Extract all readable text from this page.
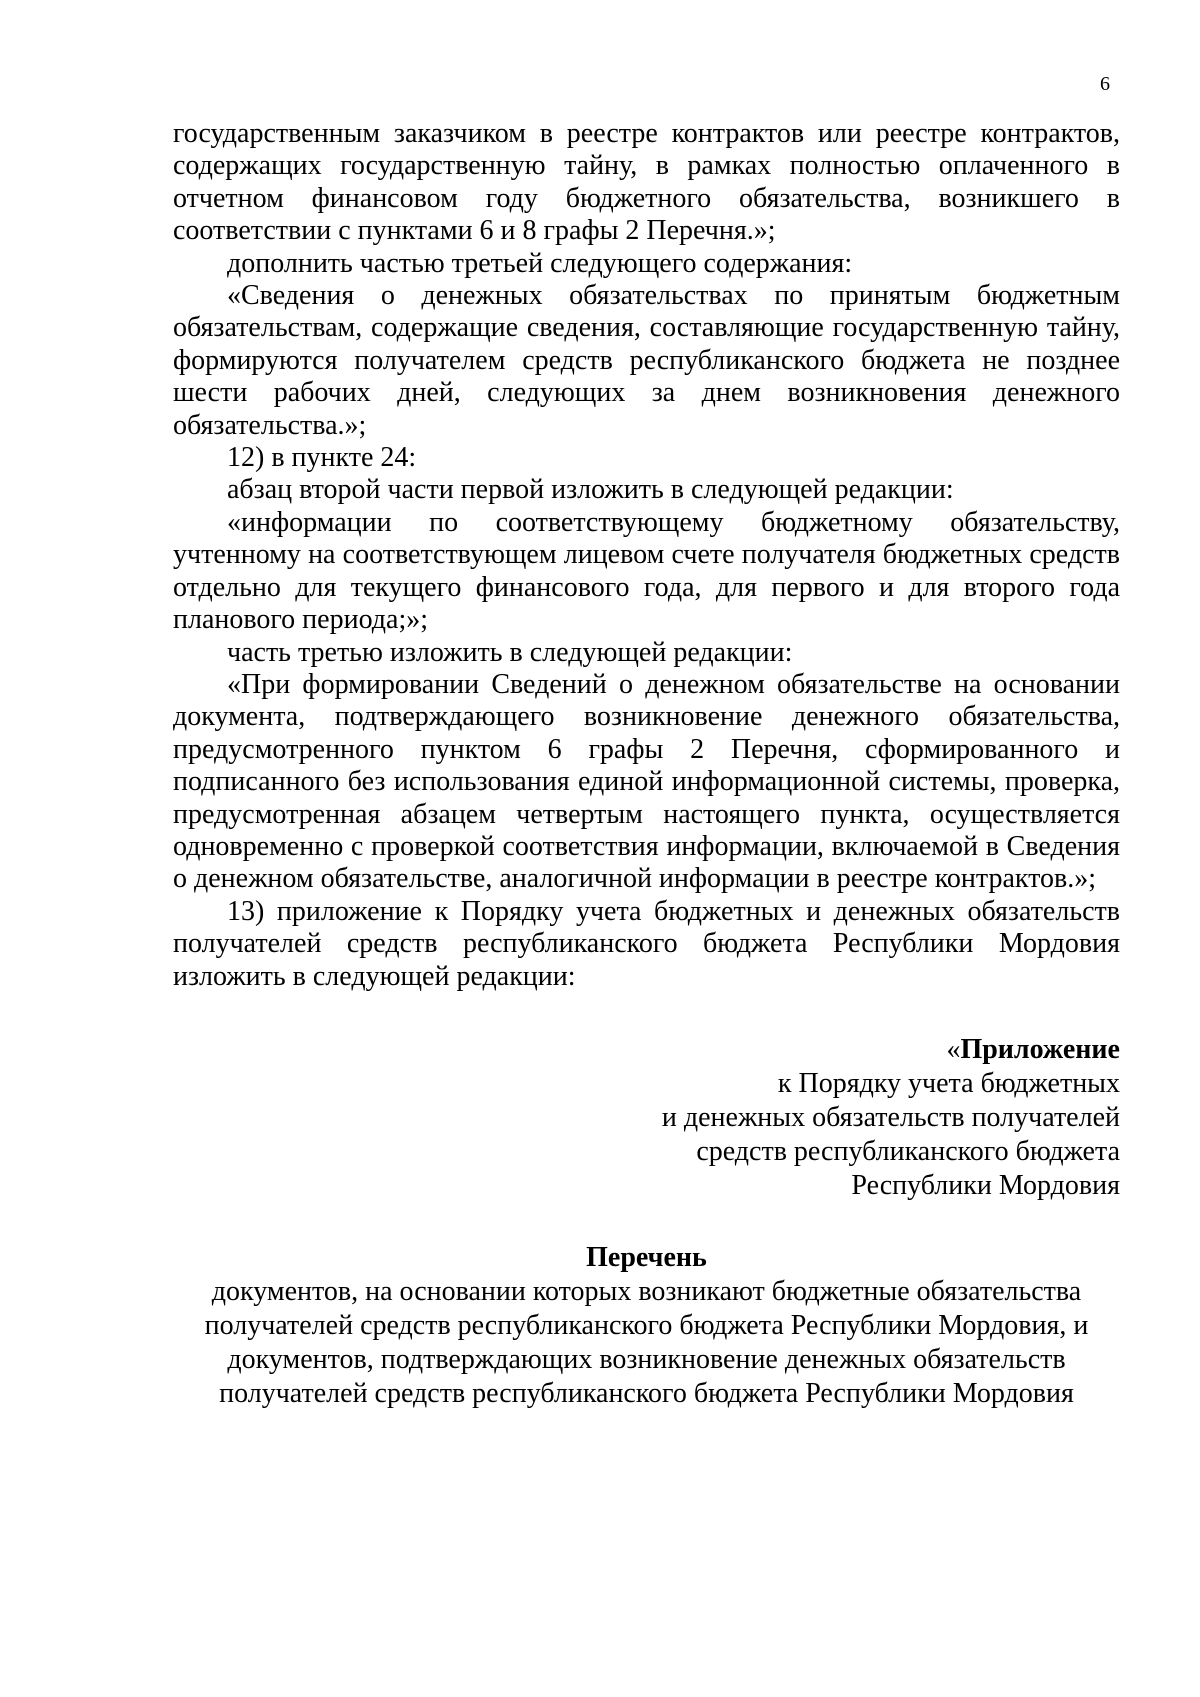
6

государственным заказчиком в реестре контрактов или реестре контрактов, содержащих государственную тайну, в рамках полностью оплаченного в отчетном финансовом году бюджетного обязательства, возникшего в соответствии с пунктами 6 и 8 графы 2 Перечня.»;

дополнить частью третьей следующего содержания:

«Сведения о денежных обязательствах по принятым бюджетным обязательствам, содержащие сведения, составляющие государственную тайну, формируются получателем средств республиканского бюджета не позднее шести рабочих дней, следующих за днем возникновения денежного обязательства.»;

12) в пункте 24:

абзац второй части первой изложить в следующей редакции:

«информации по соответствующему бюджетному обязательству, учтенному на соответствующем лицевом счете получателя бюджетных средств отдельно для текущего финансового года, для первого и для второго года планового периода;»;

часть третью изложить в следующей редакции:

«При формировании Сведений о денежном обязательстве на основании документа, подтверждающего возникновение денежного обязательства, предусмотренного пунктом 6 графы 2 Перечня, сформированного и подписанного без использования единой информационной системы, проверка, предусмотренная абзацем четвертым настоящего пункта, осуществляется одновременно с проверкой соответствия информации, включаемой в Сведения о денежном обязательстве, аналогичной информации в реестре контрактов.»;

13) приложение к Порядку учета бюджетных и денежных обязательств получателей средств республиканского бюджета Республики Мордовия изложить в следующей редакции:

«Приложение
к Порядку учета бюджетных
и денежных обязательств получателей
средств республиканского бюджета
Республики Мордовия
Перечень
документов, на основании которых возникают бюджетные обязательства
получателей средств республиканского бюджета Республики Мордовия, и
документов, подтверждающих возникновение денежных обязательств
получателей средств республиканского бюджета Республики Мордовия
